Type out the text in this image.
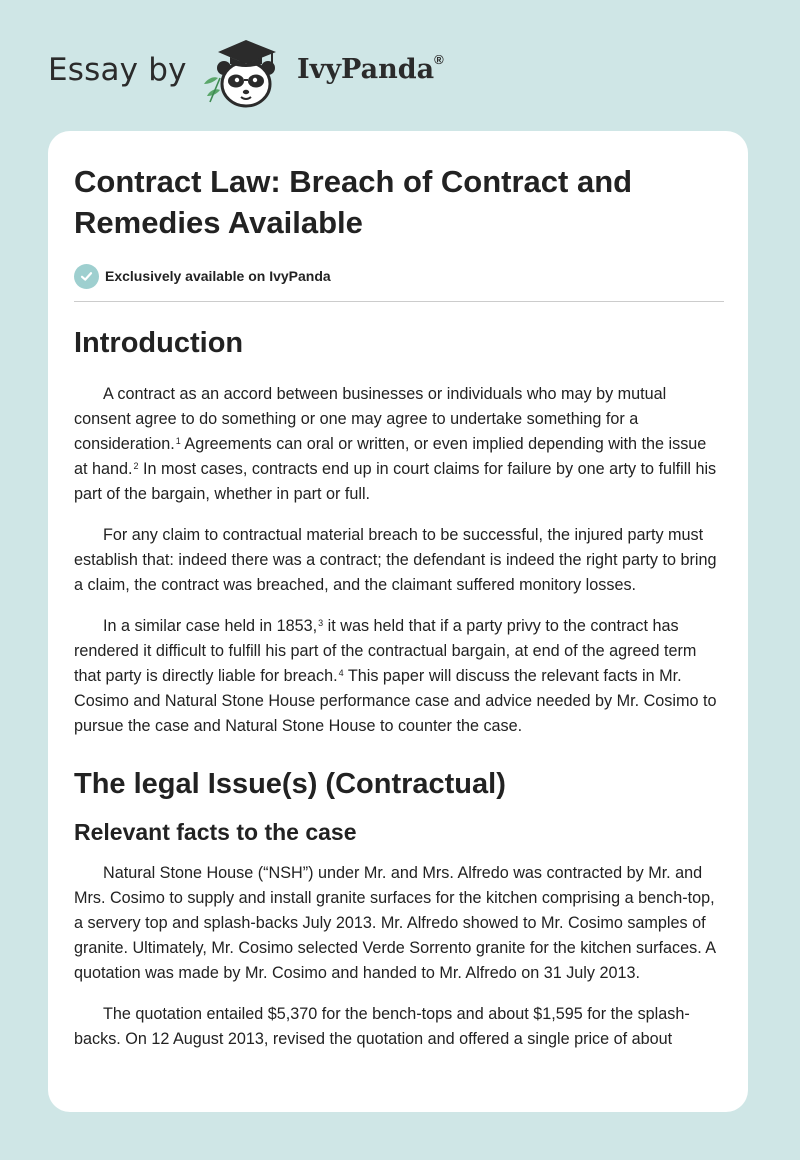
Essay by	IvyPanda®
Contract Law: Breach of Contract and Remedies Available
Exclusively available on IvyPanda
Introduction

A contract as an accord between businesses or individuals who may by mutual consent agree to do something or one may agree to undertake something for a consideration.$^1$ Agreements can oral or written, or even implied depending with the issue at hand.$^2$ In most cases, contracts end up in court claims for failure by one arty to fulfill his part of the bargain, whether in part or full.

For any claim to contractual material breach to be successful, the injured party must establish that: indeed there was a contract; the defendant is indeed the right party to bring a claim, the contract was breached, and the claimant suffered monitory losses.

In a similar case held in 1853,$^3$ it was held that if a party privy to the contract has rendered it difficult to fulfill his part of the contractual bargain, at end of the agreed term that party is directly liable for breach.$^4$ This paper will discuss the relevant facts in Mr. Cosimo and Natural Stone House performance case and advice needed by Mr. Cosimo to pursue the case and Natural Stone House to counter the case.

The legal Issue(s) (Contractual)
Relevant facts to the case

Natural Stone House (“NSH”) under Mr. and Mrs. Alfredo was contracted by Mr. and Mrs. Cosimo to supply and install granite surfaces for the kitchen comprising a bench-top, a servery top and splash-backs July 2013. Mr. Alfredo showed to Mr. Cosimo samples of granite. Ultimately, Mr. Cosimo selected Verde Sorrento granite for the kitchen surfaces. A quotation was made by Mr. Cosimo and handed to Mr. Alfredo on 31 July 2013.

The quotation entailed $5,370 for the bench-tops and about $1,595 for the splash-backs. On 12 August 2013, revised the quotation and offered a single price of about
